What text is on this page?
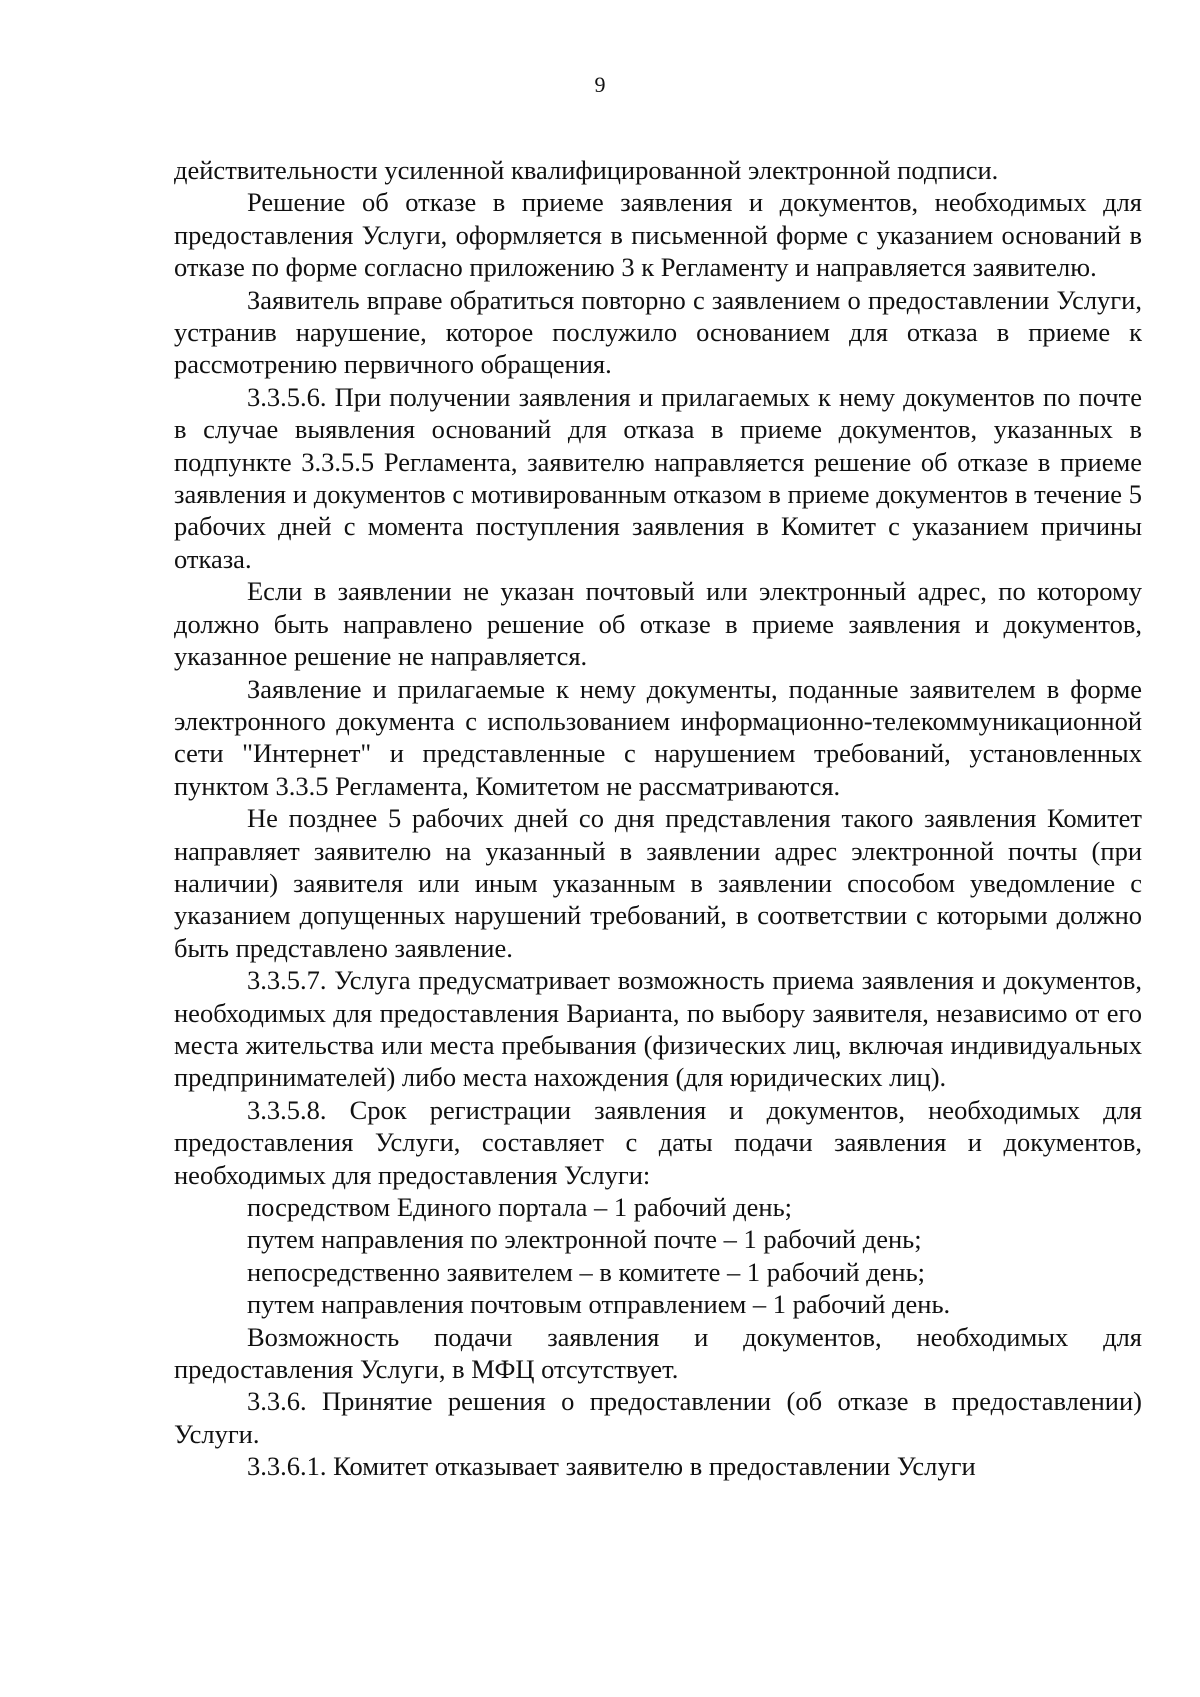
9

действительности усиленной квалифицированной электронной подписи.

Решение об отказе в приеме заявления и документов, необходимых для предоставления Услуги, оформляется в письменной форме с указанием оснований в отказе по форме согласно приложению 3 к Регламенту и направляется заявителю.

Заявитель вправе обратиться повторно с заявлением о предоставлении Услуги, устранив нарушение, которое послужило основанием для отказа в приеме к рассмотрению первичного обращения.

3.3.5.6. При получении заявления и прилагаемых к нему документов по почте в случае выявления оснований для отказа в приеме документов, указанных в подпункте 3.3.5.5 Регламента, заявителю направляется решение об отказе в приеме заявления и документов с мотивированным отказом в приеме документов в течение 5 рабочих дней с момента поступления заявления в Комитет с указанием причины отказа.

Если в заявлении не указан почтовый или электронный адрес, по которому должно быть направлено решение об отказе в приеме заявления и документов, указанное решение не направляется.

Заявление и прилагаемые к нему документы, поданные заявителем в форме электронного документа с использованием информационно-телекоммуникационной сети "Интернет" и представленные с нарушением требований, установленных пунктом 3.3.5 Регламента, Комитетом не рассматриваются.

Не позднее 5 рабочих дней со дня представления такого заявления Комитет направляет заявителю на указанный в заявлении адрес электронной почты (при наличии) заявителя или иным указанным в заявлении способом уведомление с указанием допущенных нарушений требований, в соответствии с которыми должно быть представлено заявление.

3.3.5.7. Услуга предусматривает возможность приема заявления и документов, необходимых для предоставления Варианта, по выбору заявителя, независимо от его места жительства или места пребывания (физических лиц, включая индивидуальных предпринимателей) либо места нахождения (для юридических лиц).

3.3.5.8. Срок регистрации заявления и документов, необходимых для предоставления Услуги, составляет с даты подачи заявления и документов, необходимых для предоставления Услуги:

посредством Единого портала – 1 рабочий день;

путем направления по электронной почте – 1 рабочий день;

непосредственно заявителем – в комитете – 1 рабочий день;

путем направления почтовым отправлением – 1 рабочий день.

Возможность подачи заявления и документов, необходимых для предоставления Услуги, в МФЦ отсутствует.

3.3.6. Принятие решения о предоставлении (об отказе в предоставлении) Услуги.

3.3.6.1. Комитет отказывает заявителю в предоставлении Услуги
